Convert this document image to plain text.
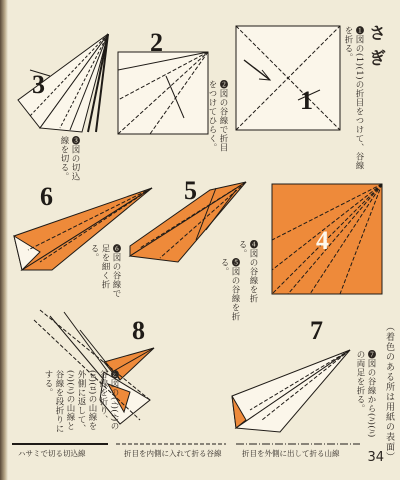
さぎ
1
2
3
4
5
6
7
8
❶図の(1)(1)の折目をつけて、谷線を折る。
❷図の谷線で折目をつけてひらく。
❸図の切込線を切る。
❹図の谷線を折る。
❺図の谷線を折る。
❻図の谷線で足を細く折る。
❼図の谷線から(ﾊ)(ﾊ)の両足を折る。
❽図の(ｲ)(ｲ)の谷線を折り、(ﾛ)(ﾛ)の山線を外側に返して、(ﾊ)(ﾊ)の山線と谷線を段折りにする。	（着色のある所は用紙の表面）
ハサミで切る切込線	折目を内側に入れて折る谷線	折目を外側に出して折る山線 34
